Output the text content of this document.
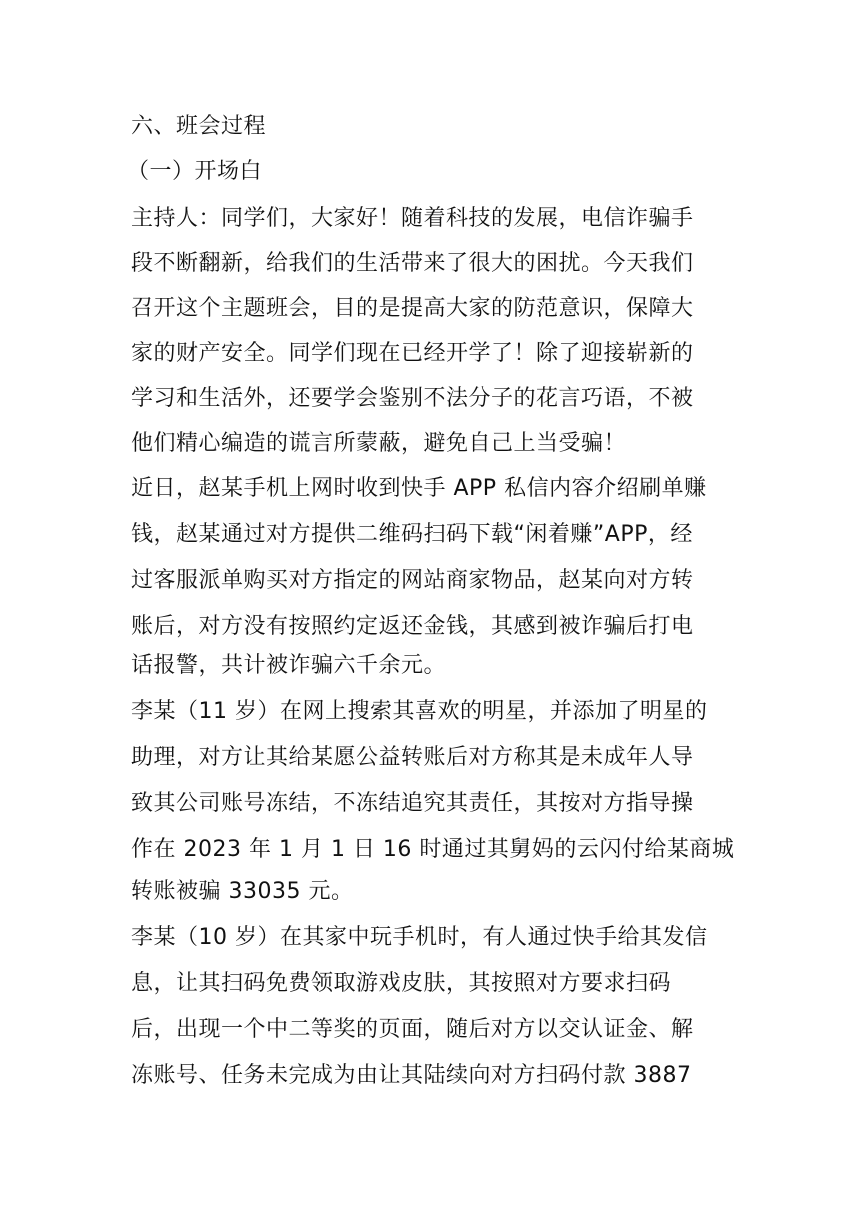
六、班会过程
（一）开场白
主持人：同学们，大家好！随着科技的发展，电信诈骗手
段不断翻新，给我们的生活带来了很大的困扰。今天我们
召开这个主题班会，目的是提高大家的防范意识，保障大
家的财产安全。同学们现在已经开学了！除了迎接崭新的
学习和生活外，还要学会鉴别不法分子的花言巧语，不被
他们精心编造的谎言所蒙蔽，避免自己上当受骗！
近日，赵某手机上网时收到快手 APP 私信内容介绍刷单赚
钱，赵某通过对方提供二维码扫码下载“闲着赚”APP，经
过客服派单购买对方指定的网站商家物品，赵某向对方转
账后，对方没有按照约定返还金钱，其感到被诈骗后打电
话报警，共计被诈骗六千余元。
李某（11 岁）在网上搜索其喜欢的明星，并添加了明星的
助理，对方让其给某愿公益转账后对方称其是未成年人导
致其公司账号冻结，不冻结追究其责任，其按对方指导操
作在 2023 年 1 月 1 日 16 时通过其舅妈的云闪付给某商城
转账被骗 33035 元。
李某（10 岁）在其家中玩手机时，有人通过快手给其发信
息，让其扫码免费领取游戏皮肤，其按照对方要求扫码
后，出现一个中二等奖的页面，随后对方以交认证金、解
冻账号、任务未完成为由让其陆续向对方扫码付款 3887
